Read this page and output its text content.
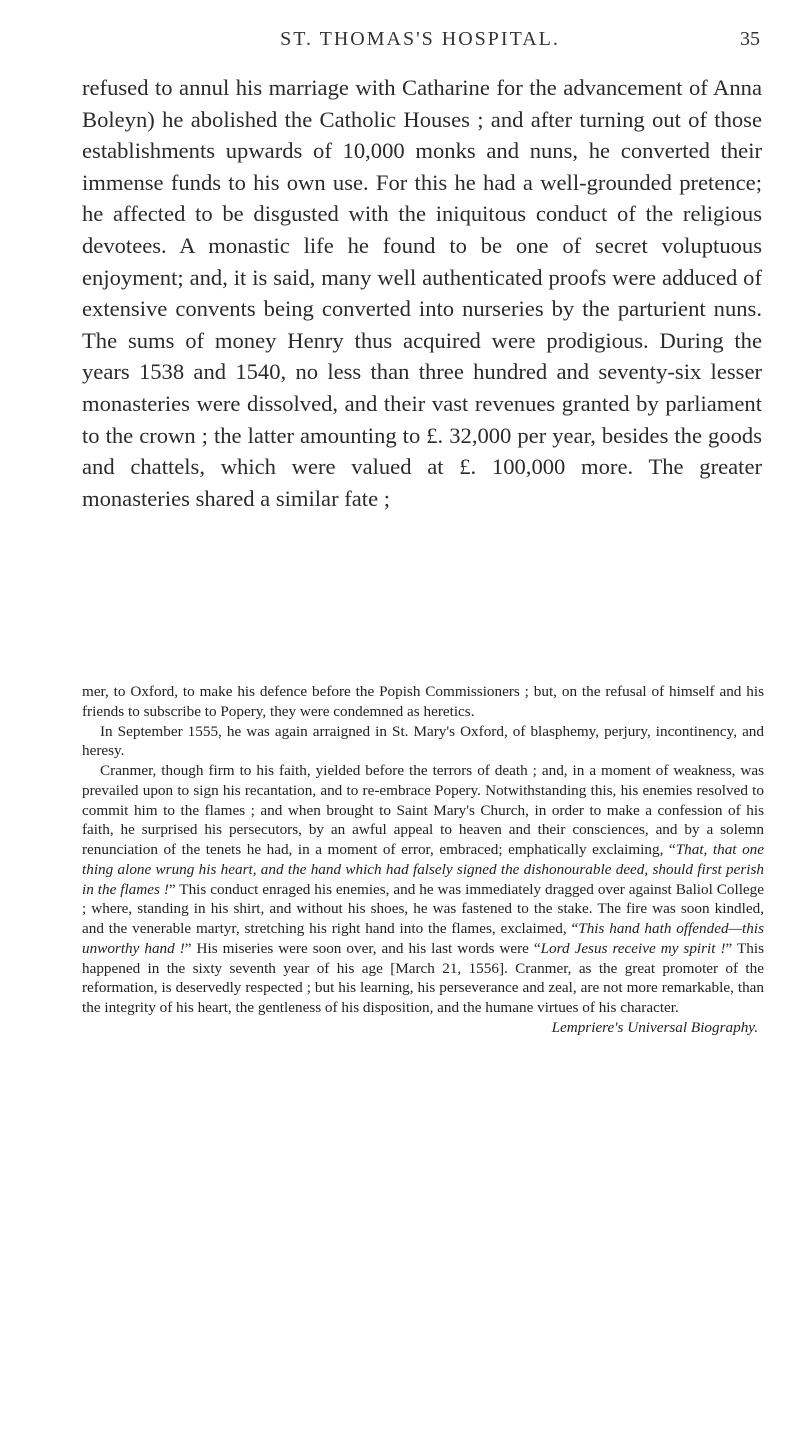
ST. THOMAS'S HOSPITAL.	35

refused to annul his marriage with Catharine for the advancement of Anna Boleyn) he abolished the Catholic Houses ; and after turning out of those establishments upwards of 10,000 monks and nuns, he converted their immense funds to his own use. For this he had a well-grounded pretence; he affected to be disgusted with the iniquitous conduct of the religious devotees. A monastic life he found to be one of secret voluptuous enjoyment; and, it is said, many well authenticated proofs were adduced of extensive convents being converted into nurseries by the parturient nuns. The sums of money Henry thus acquired were prodigious. During the years 1538 and 1540, no less than three hundred and seventy-six lesser monasteries were dissolved, and their vast revenues granted by parliament to the crown ; the latter amounting to £. 32,000 per year, besides the goods and chattels, which were valued at £. 100,000 more. The greater monasteries shared a similar fate ;

mer, to Oxford, to make his defence before the Popish Commissioners ; but, on the refusal of himself and his friends to subscribe to Popery, they were condemned as heretics.

In September 1555, he was again arraigned in St. Mary's Oxford, of blasphemy, perjury, incontinency, and heresy.

Cranmer, though firm to his faith, yielded before the terrors of death ; and, in a moment of weakness, was prevailed upon to sign his recantation, and to re-embrace Popery. Notwithstanding this, his enemies resolved to commit him to the flames ; and when brought to Saint Mary's Church, in order to make a confession of his faith, he surprised his persecutors, by an awful appeal to heaven and their consciences, and by a solemn renunciation of the tenets he had, in a moment of error, embraced; emphatically exclaiming, “That, that one thing alone wrung his heart, and the hand which had falsely signed the dishonourable deed, should first perish in the flames !” This conduct enraged his enemies, and he was immediately dragged over against Baliol College ; where, standing in his shirt, and without his shoes, he was fastened to the stake. The fire was soon kindled, and the venerable martyr, stretching his right hand into the flames, exclaimed, “This hand hath offended—this unworthy hand !” His miseries were soon over, and his last words were “Lord Jesus receive my spirit !” This happened in the sixty seventh year of his age [March 21, 1556]. Cranmer, as the great promoter of the reformation, is deservedly respected ; but his learning, his perseverance and zeal, are not more remarkable, than the integrity of his heart, the gentleness of his disposition, and the humane virtues of his character.

Lempriere's Universal Biography.
